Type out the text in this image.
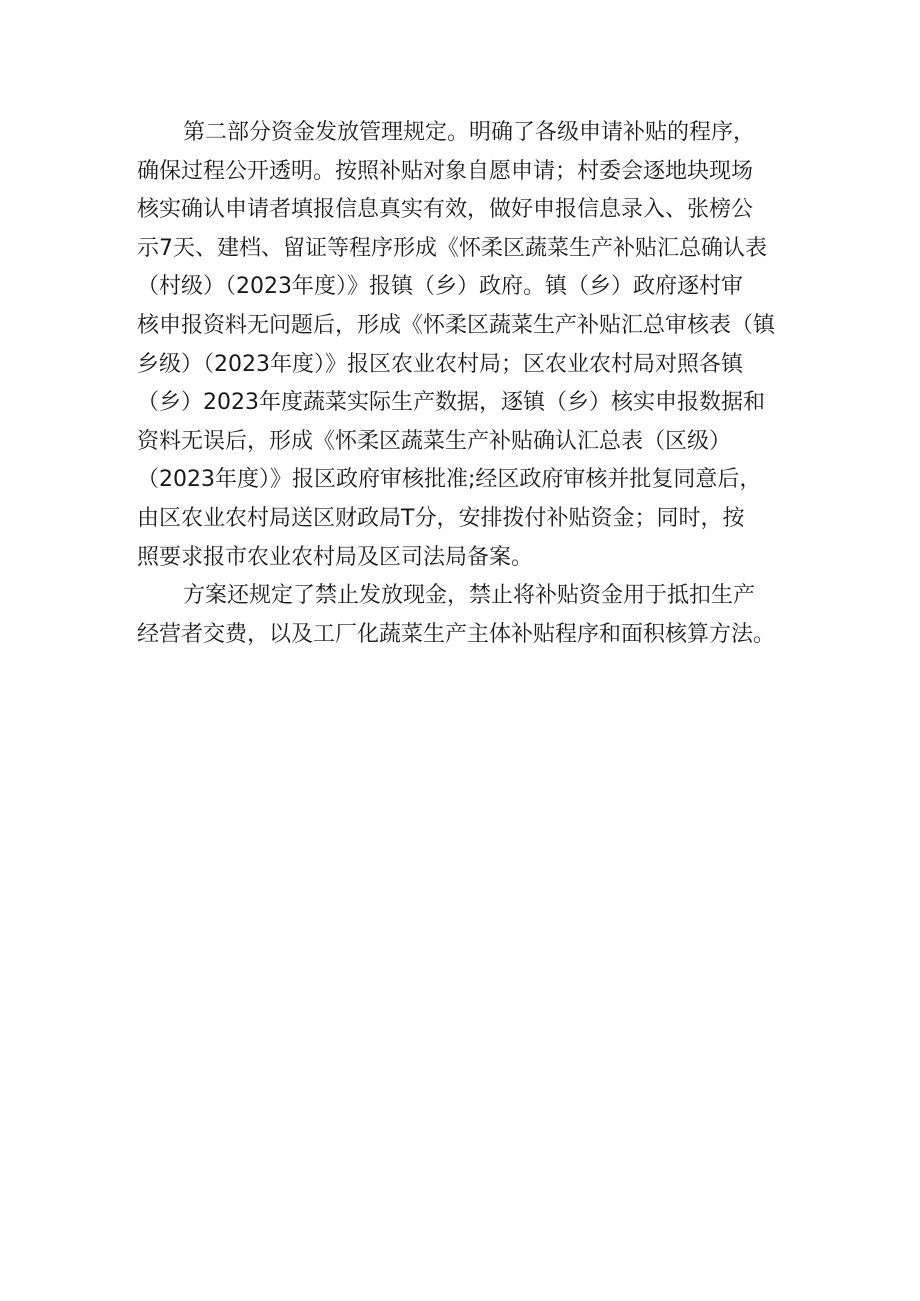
第二部分资金发放管理规定。明确了各级申请补贴的程序，
确保过程公开透明。按照补贴对象自愿申请；村委会逐地块现场
核实确认申请者填报信息真实有效，做好申报信息录入、张榜公
示7天、建档、留证等程序形成《怀柔区蔬菜生产补贴汇总确认表
（村级）（2023年度）》报镇（乡）政府。镇（乡）政府逐村审
核申报资料无问题后，形成《怀柔区蔬菜生产补贴汇总审核表（镇
乡级）（2023年度）》报区农业农村局；区农业农村局对照各镇
（乡）2023年度蔬菜实际生产数据，逐镇（乡）核实申报数据和
资料无误后，形成《怀柔区蔬菜生产补贴确认汇总表（区级）
（2023年度）》报区政府审核批准;经区政府审核并批复同意后，
由区农业农村局送区财政局T分，安排拨付补贴资金；同时，按
照要求报市农业农村局及区司法局备案。
方案还规定了禁止发放现金，禁止将补贴资金用于抵扣生产
经营者交费，以及工厂化蔬菜生产主体补贴程序和面积核算方法。
